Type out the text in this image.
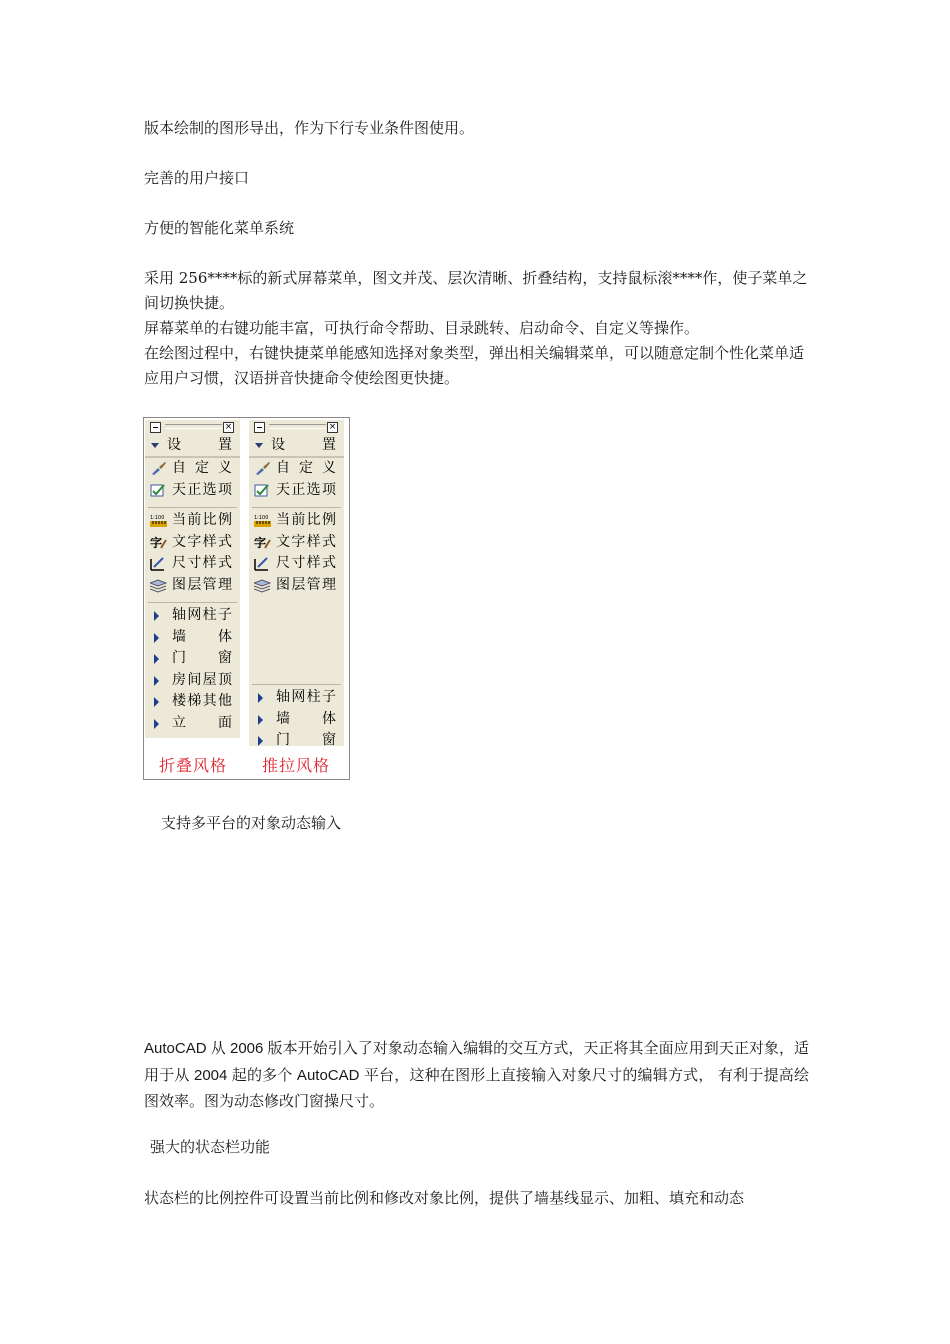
版本绘制的图形导出，作为下行专业条件图使用。

完善的用户接口

方便的智能化菜单系统

采用 256****标的新式屏幕菜单，图文并茂、层次清晰、折叠结构，支持鼠标滚****作，使子菜单之间切换快捷。

屏幕菜单的右键功能丰富，可执行命令帮助、目录跳转、启动命令、自定义等操作。

在绘图过程中，右键快捷菜单能感知选择对象类型，弹出相关编辑菜单，可以随意定制个性化菜单适应用户习惯，汉语拼音快捷命令使绘图更快捷。

×
设 置
自 定 义
天正选项
1:100 当前比例
字 文字样式
尺寸样式
图层管理
轴网柱子
墙 体
门 窗
房间屋顶
楼梯其他
立 面
×
设 置
自 定 义
天正选项
1:100 当前比例
字 文字样式
尺寸样式
图层管理
轴网柱子
墙 体
门 窗
折叠风格 推拉风格

支持多平台的对象动态输入

AutoCAD 从 2006 版本开始引入了对象动态输入编辑的交互方式，天正将其全面应用到天正对象，适用于从 2004 起的多个 AutoCAD 平台，这种在图形上直接输入对象尺寸的编辑方式， 有利于提高绘图效率。图为动态修改门窗操尺寸。

强大的状态栏功能

状态栏的比例控件可设置当前比例和修改对象比例，提供了墙基线显示、加粗、填充和动态
